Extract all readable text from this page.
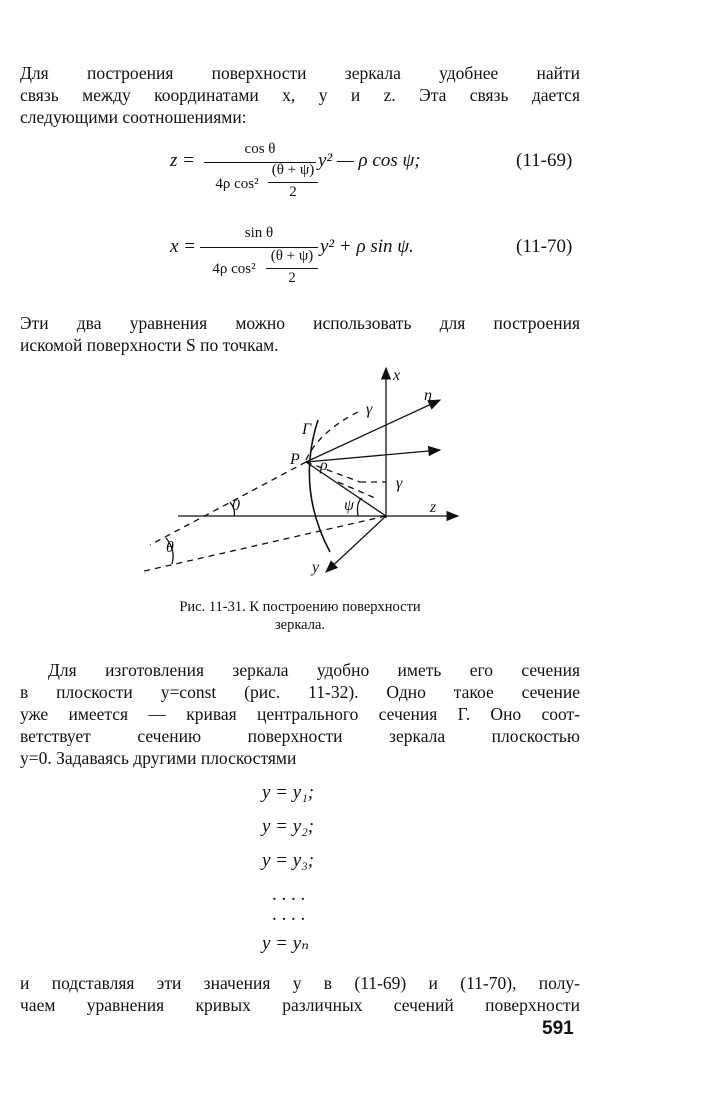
Для построения поверхности зеркала удобнее найти
связь между координатами x, y и z. Эта связь дается
следующими соотношениями:
z =
cos θ
4ρ cos²
(θ + ψ)
2
y² — ρ cos ψ;	(11-69)
x =
sin θ
4ρ cos²
(θ + ψ)
2
y² + ρ sin ψ.	(11-70)
Эти два уравнения можно использовать для построения
искомой поверхности S по точкам.
x
η
Г
γ
P ρ
γ
0	ψ	z
θ
y
Рис. 11-31. К построению поверхности
зеркала.
Для изготовления зеркала удобно иметь его сечения
в плоскости y=const (рис. 11-32). Одно такое сечение
уже имеется — кривая центрального сечения Г. Оно соот-
ветствует сечению поверхности зеркала плоскостью
y=0. Задаваясь другими плоскостями
y = y₁;
y = y₂;
y = y₃;
. . . .
. . . .
y = yₙ
и подставляя эти значения y в (11-69) и (11-70), полу-
чаем уравнения кривых различных сечений поверхности
591
